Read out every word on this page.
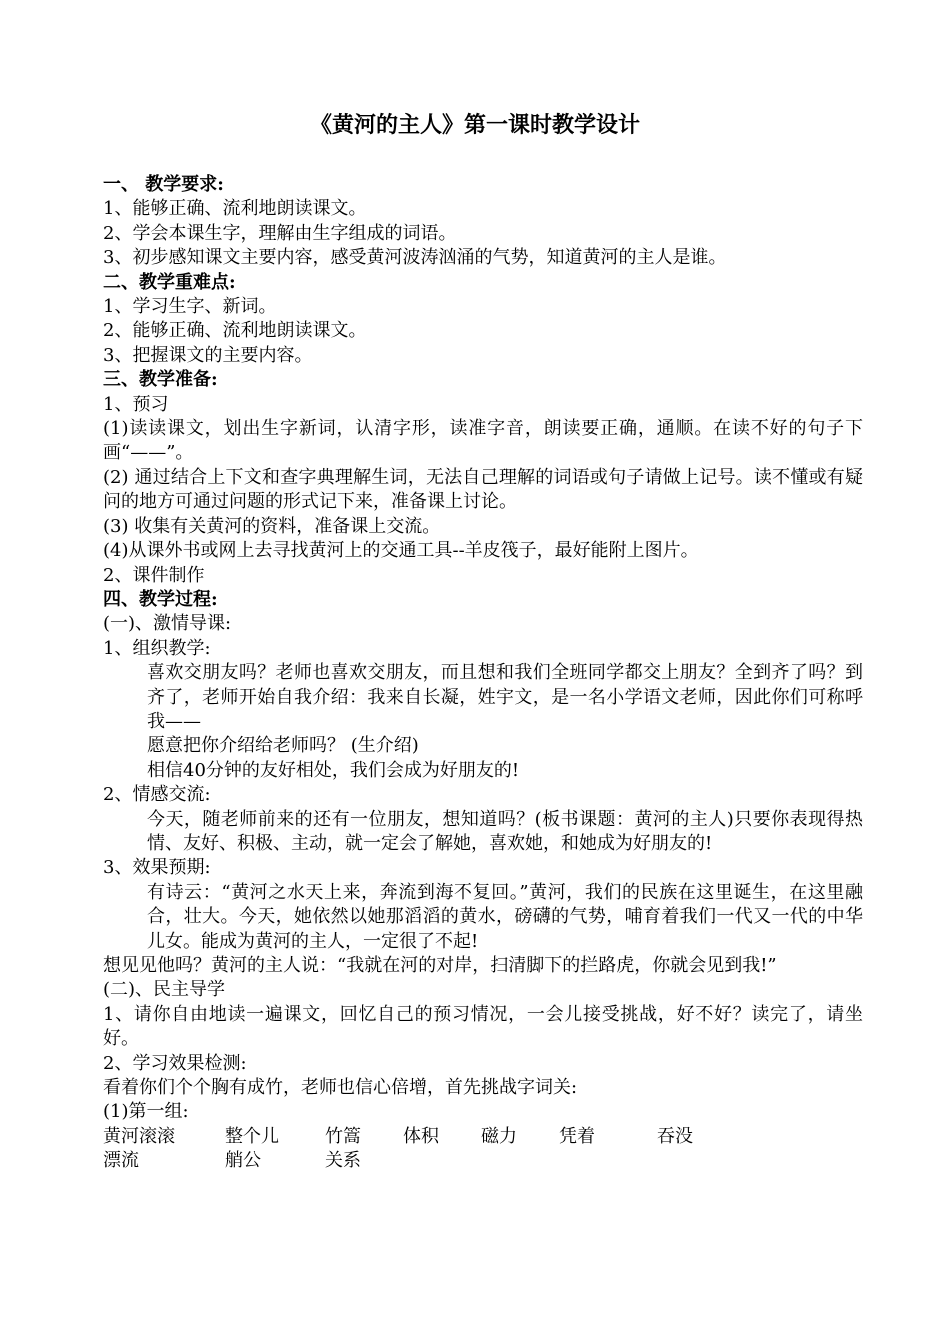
《黄河的主人》第一课时教学设计

一、 教学要求:

1、能够正确、流利地朗读课文。

2、学会本课生字，理解由生字组成的词语。

3、初步感知课文主要内容，感受黄河波涛汹涌的气势，知道黄河的主人是谁。

二、教学重难点:

1、学习生字、新词。

2、能够正确、流利地朗读课文。

3、把握课文的主要内容。

三、教学准备:

1、预习

(1)读读课文，划出生字新词，认清字形，读准字音，朗读要正确，通顺。在读不好的句子下画“——”。

(2) 通过结合上下文和查字典理解生词，无法自己理解的词语或句子请做上记号。读不懂或有疑问的地方可通过问题的形式记下来，准备课上讨论。

(3) 收集有关黄河的资料，准备课上交流。

(4)从课外书或网上去寻找黄河上的交通工具--羊皮筏子，最好能附上图片。

2、课件制作

四、教学过程:

(一)、激情导课:

1、组织教学:

喜欢交朋友吗？老师也喜欢交朋友，而且想和我们全班同学都交上朋友？全到齐了吗？到齐了，老师开始自我介绍：我来自长凝，姓宇文，是一名小学语文老师，因此你们可称呼我——

愿意把你介绍给老师吗？ (生介绍)

相信40分钟的友好相处，我们会成为好朋友的!

2、情感交流:

今天，随老师前来的还有一位朋友，想知道吗？(板书课题：黄河的主人)只要你表现得热情、友好、积极、主动，就一定会了解她，喜欢她，和她成为好朋友的!

3、效果预期:

有诗云：“黄河之水天上来，奔流到海不复回。”黄河，我们的民族在这里诞生，在这里融合，壮大。今天，她依然以她那滔滔的黄水，磅礴的气势，哺育着我们一代又一代的中华儿女。能成为黄河的主人，一定很了不起!

想见见他吗？黄河的主人说：“我就在河的对岸，扫清脚下的拦路虎，你就会见到我!”

(二)、民主导学

1、请你自由地读一遍课文，回忆自己的预习情况，一会儿接受挑战，好不好？读完了，请坐好。

2、学习效果检测:

看着你们个个胸有成竹，老师也信心倍增，首先挑战字词关:

(1)第一组:

黄河滚滚	整个儿	竹篙	体积	磁力	凭着	吞没
漂流	艄公	关系
